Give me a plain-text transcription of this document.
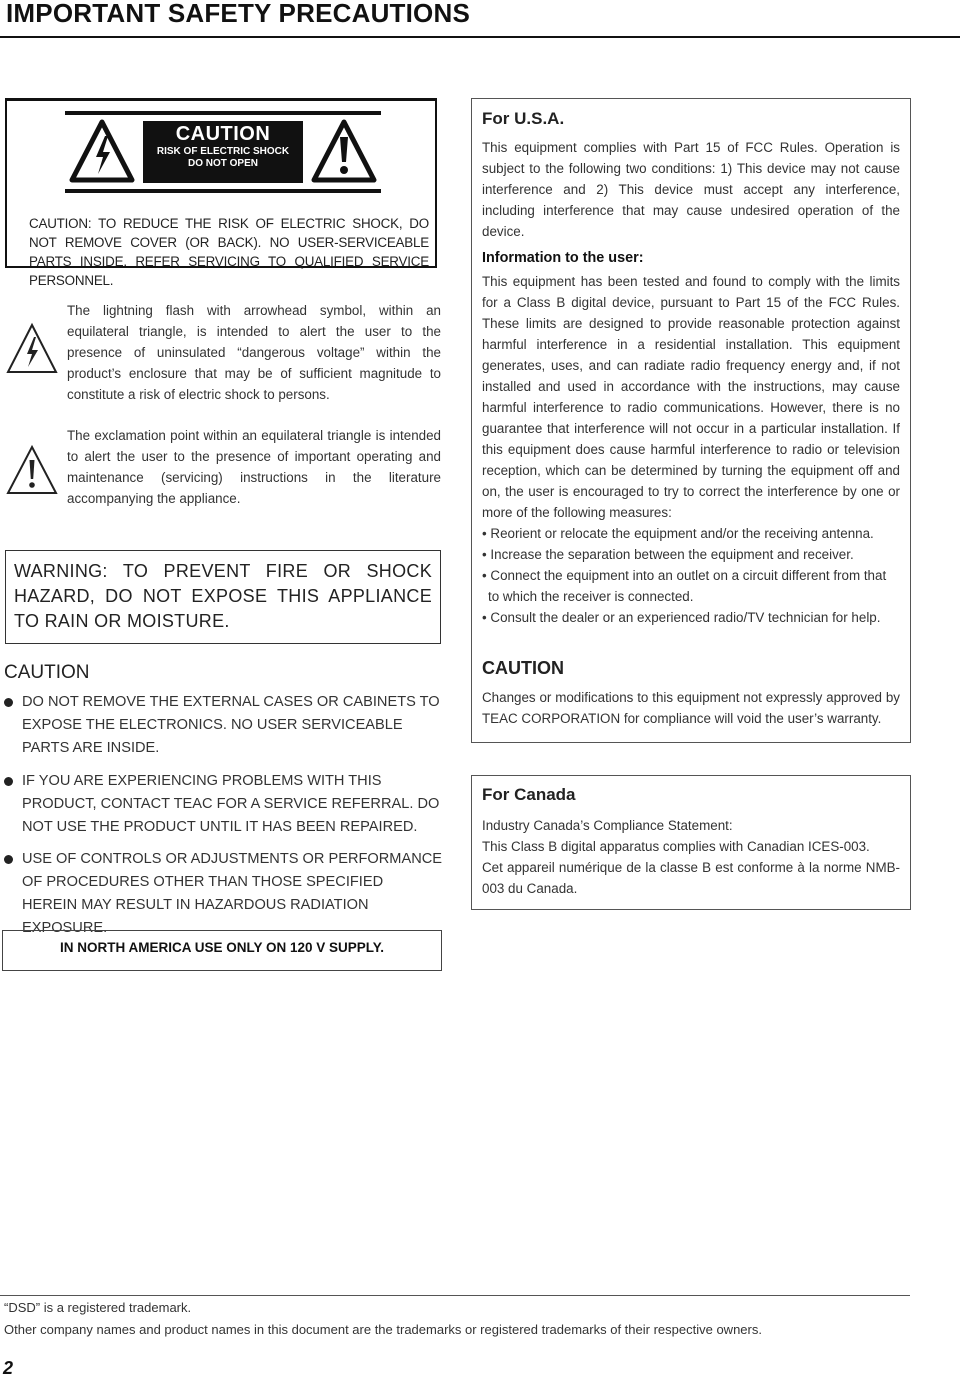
IMPORTANT SAFETY PRECAUTIONS
CAUTION
RISK OF ELECTRIC SHOCK
DO NOT OPEN

CAUTION: TO REDUCE THE RISK OF ELECTRIC SHOCK, DO NOT REMOVE COVER (OR BACK). NO USER-SERVICEABLE PARTS INSIDE. REFER SERVICING TO QUALIFIED SERVICE PERSONNEL.

The lightning flash with arrowhead symbol, within an equilateral triangle, is intended to alert the user to the presence of uninsulated “dangerous voltage” within the product’s enclosure that may be of sufficient magnitude to constitute a risk of electric shock to persons.

The exclamation point within an equilateral triangle is intended to alert the user to the presence of important operating and maintenance (servicing) instructions in the literature accompanying the appliance.

WARNING: TO PREVENT FIRE OR SHOCK HAZARD, DO NOT EXPOSE THIS APPLIANCE TO RAIN OR MOISTURE.

CAUTION

DO NOT REMOVE THE EXTERNAL CASES OR CABINETS TO EXPOSE THE ELECTRONICS. NO USER SERVICEABLE PARTS ARE INSIDE.

IF YOU ARE EXPERIENCING PROBLEMS WITH THIS PRODUCT, CONTACT TEAC FOR A SERVICE REFERRAL. DO NOT USE THE PRODUCT UNTIL IT HAS BEEN REPAIRED.

USE OF CONTROLS OR ADJUSTMENTS OR PERFORMANCE OF PROCEDURES OTHER THAN THOSE SPECIFIED HEREIN MAY RESULT IN HAZARDOUS RADIATION EXPOSURE.

IN NORTH AMERICA USE ONLY ON 120 V SUPPLY.

For U.S.A.

This equipment complies with Part 15 of FCC Rules. Operation is subject to the following two conditions: 1) This device may not cause interference and 2) This device must accept any interference, including interference that may cause undesired operation of the device.

Information to the user:

This equipment has been tested and found to comply with the limits for a Class B digital device, pursuant to Part 15 of the FCC Rules. These limits are designed to provide reasonable protection against harmful interference in a residential installation. This equipment generates, uses, and can radiate radio frequency energy and, if not installed and used in accordance with the instructions, may cause harmful interference to radio communications. However, there is no guarantee that interference will not occur in a particular installation. If this equipment does cause harmful interference to radio or television reception, which can be determined by turning the equipment off and on, the user is encouraged to try to correct the interference by one or more of the following measures:

• Reorient or relocate the equipment and/or the receiving antenna.

• Increase the separation between the equipment and receiver.

• Connect the equipment into an outlet on a circuit different from that to which the receiver is connected.

• Consult the dealer or an experienced radio/TV technician for help.

CAUTION

Changes or modifications to this equipment not expressly approved by TEAC CORPORATION for compliance will void the user’s warranty.

For Canada

Industry Canada’s Compliance Statement:

This Class B digital apparatus complies with Canadian ICES-003.

Cet appareil numérique de la classe B est conforme à la norme NMB-003 du Canada.

“DSD” is a registered trademark.

Other company names and product names in this document are the trademarks or registered trademarks of their respective owners.

2
